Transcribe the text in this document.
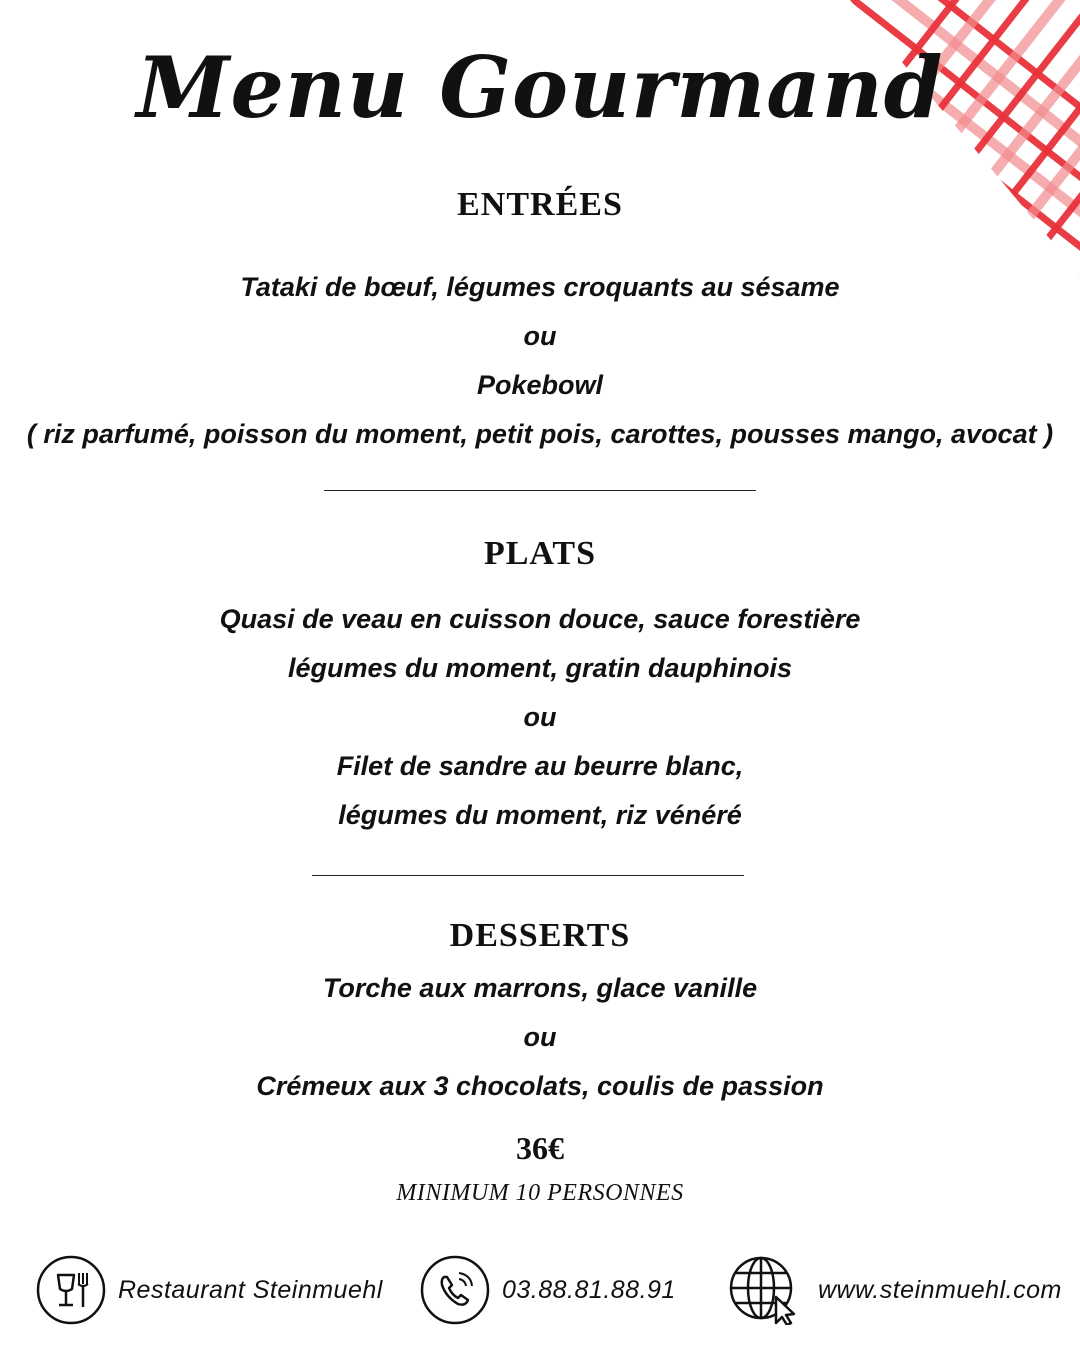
Menu Gourmand
ENTRÉES
Tataki de bœuf, légumes croquants au sésame
ou
Pokebowl
( riz parfumé, poisson du moment, petit pois, carottes, pousses mango, avocat )
PLATS
Quasi de veau en cuisson douce, sauce forestière
légumes du moment, gratin dauphinois
ou
Filet de sandre au beurre blanc,
légumes du moment, riz vénéré
DESSERTS
Torche aux marrons, glace vanille
ou
Crémeux aux 3 chocolats, coulis de passion
36€
MINIMUM 10 PERSONNES
Restaurant Steinmuehl	03.88.81.88.91	www.steinmuehl.com
